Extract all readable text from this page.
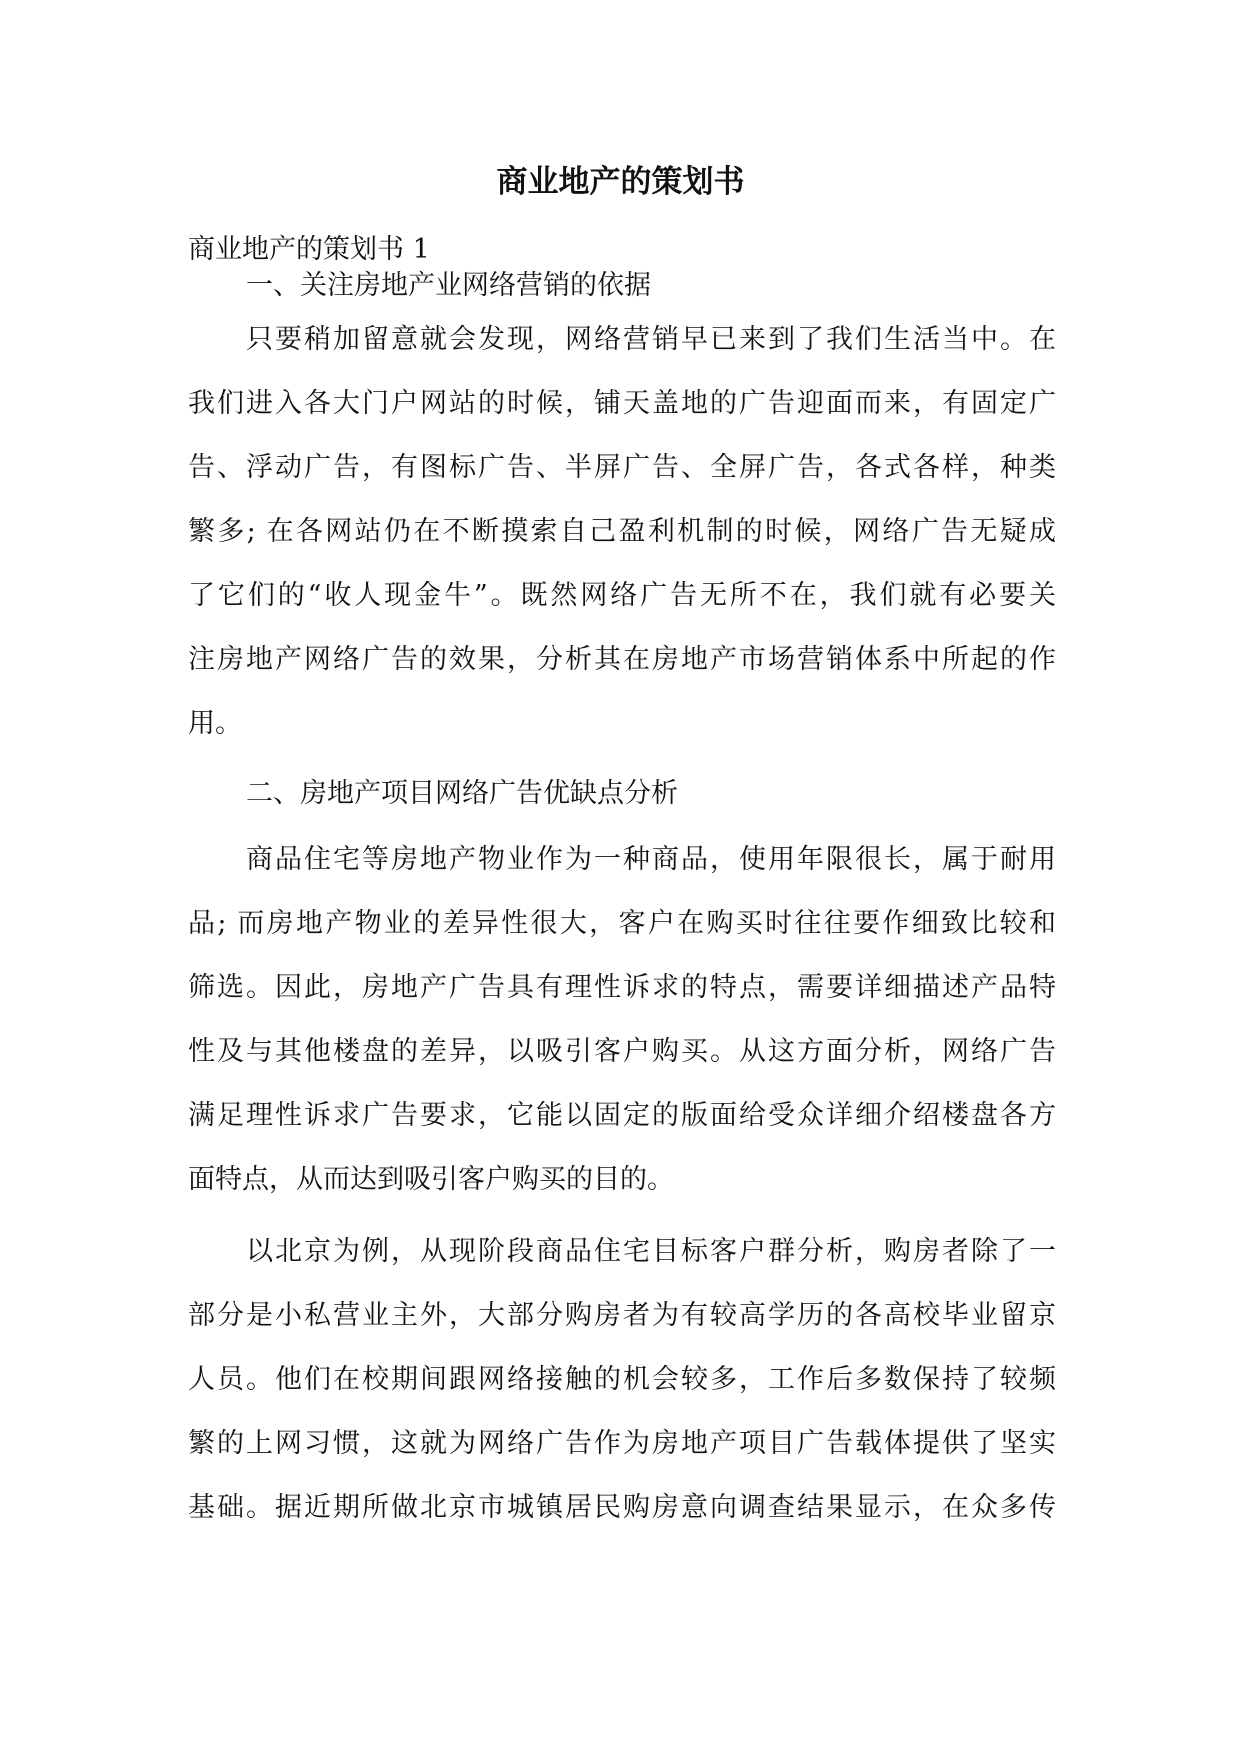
商业地产的策划书

商业地产的策划书 1

一、关注房地产业网络营销的依据

只要稍加留意就会发现，网络营销早已来到了我们生活当中。在
我们进入各大门户网站的时候，铺天盖地的广告迎面而来，有固定广
告、浮动广告，有图标广告、半屏广告、全屏广告，各式各样，种类
繁多; 在各网站仍在不断摸索自己盈利机制的时候，网络广告无疑成
了它们的“收人现金牛”。既然网络广告无所不在，我们就有必要关
注房地产网络广告的效果，分析其在房地产市场营销体系中所起的作
用。

二、房地产项目网络广告优缺点分析

商品住宅等房地产物业作为一种商品，使用年限很长，属于耐用
品; 而房地产物业的差异性很大，客户在购买时往往要作细致比较和
筛选。因此，房地产广告具有理性诉求的特点，需要详细描述产品特
性及与其他楼盘的差异，以吸引客户购买。从这方面分析，网络广告
满足理性诉求广告要求，它能以固定的版面给受众详细介绍楼盘各方
面特点，从而达到吸引客户购买的目的。
以北京为例，从现阶段商品住宅目标客户群分析，购房者除了一
部分是小私营业主外，大部分购房者为有较高学历的各高校毕业留京
人员。他们在校期间跟网络接触的机会较多，工作后多数保持了较频
繁的上网习惯，这就为网络广告作为房地产项目广告载体提供了坚实
基础。据近期所做北京市城镇居民购房意向调查结果显示，在众多传
